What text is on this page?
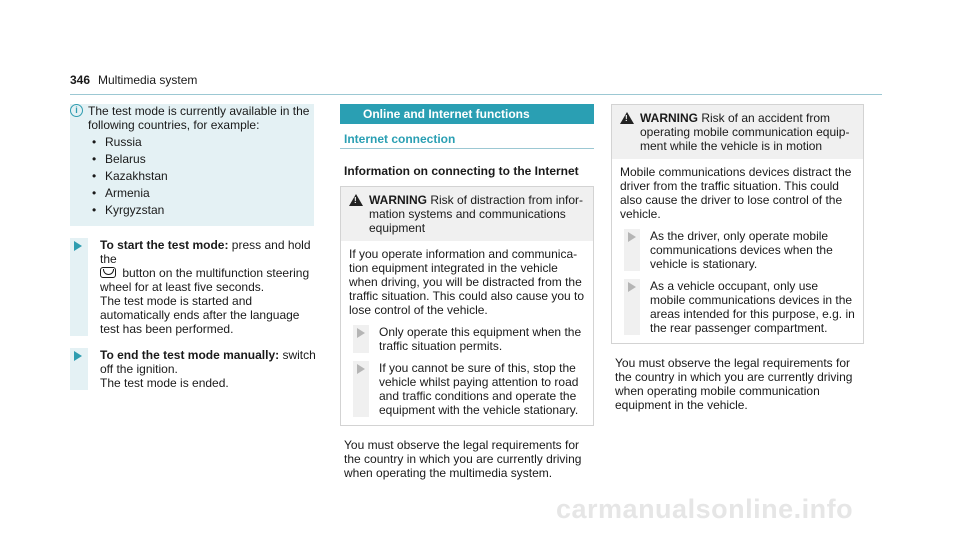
346 Multimedia system
i The test mode is currently available in the following countries, for example:
• Russia
• Belarus
• Kazakhstan
• Armenia
• Kyrgyzstan
To start the test mode: press and hold the
button on the multifunction steering wheel for at least five seconds.
The test mode is started and automatically ends after the language test has been performed.
To end the test mode manually: switch off the ignition.
The test mode is ended.
Online and Internet functions
Internet connection
Information on connecting to the Internet
!
WARNING Risk of distraction from information systems and communications equipment
If you operate information and communication equipment integrated in the vehicle when driving, you will be distracted from the traffic situation. This could also cause you to lose control of the vehicle.
Only operate this equipment when the traffic situation permits.
If you cannot be sure of this, stop the vehicle whilst paying attention to road and traffic conditions and operate the equipment with the vehicle stationary.
You must observe the legal requirements for the country in which you are currently driving when operating the multimedia system.
!
WARNING Risk of an accident from operating mobile communication equipment while the vehicle is in motion
Mobile communications devices distract the driver from the traffic situation. This could also cause the driver to lose control of the vehicle.
As the driver, only operate mobile communications devices when the vehicle is stationary.
As a vehicle occupant, only use mobile communications devices in the areas intended for this purpose, e.g. in the rear passenger compartment.
You must observe the legal requirements for the country in which you are currently driving when operating mobile communication equipment in the vehicle.
carmanualsonline.info
